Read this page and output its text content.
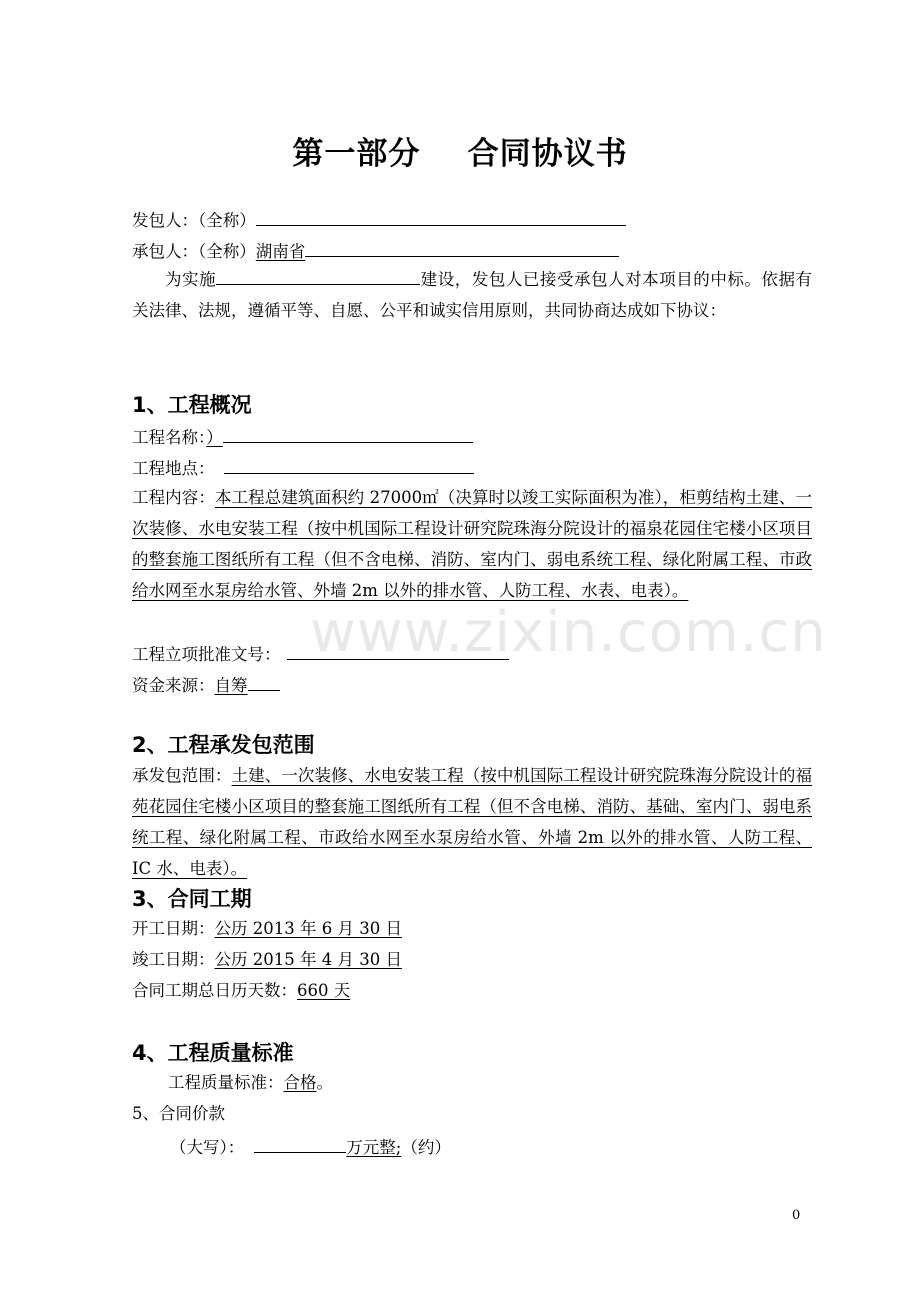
第一部分    合同协议书
发包人：（全称）
承包人：（全称）湖南省
为实施	建设，发包人已接受承包人对本项目的中标。依据有关法律、法规，遵循平等、自愿、公平和诚实信用原则，共同协商达成如下协议：
1、工程概况
工程名称：）
工程地点：
工程内容：本工程总建筑面积约 27000㎡（决算时以竣工实际面积为准），柜剪结构土建、一次装修、水电安装工程（按中机国际工程设计研究院珠海分院设计的福泉花园住宅楼小区项目的整套施工图纸所有工程（但不含电梯、消防、室内门、弱电系统工程、绿化附属工程、市政给水网至水泵房给水管、外墙 2m 以外的排水管、人防工程、水表、电表）。
工程立项批准文号：
资金来源：自筹
2、工程承发包范围
承发包范围：土建、一次装修、水电安装工程（按中机国际工程设计研究院珠海分院设计的福苑花园住宅楼小区项目的整套施工图纸所有工程（但不含电梯、消防、基础、室内门、弱电系统工程、绿化附属工程、市政给水网至水泵房给水管、外墙 2m 以外的排水管、人防工程、IC 水、电表）。
3、合同工期
开工日期：公历 2013 年 6 月 30 日
竣工日期：公历 2015 年 4 月 30 日
合同工期总日历天数：660 天
4、工程质量标准
工程质量标准：合格。
5、合同价款
（大写）：	万元整;（约）
www.zixin.com.cn
0
